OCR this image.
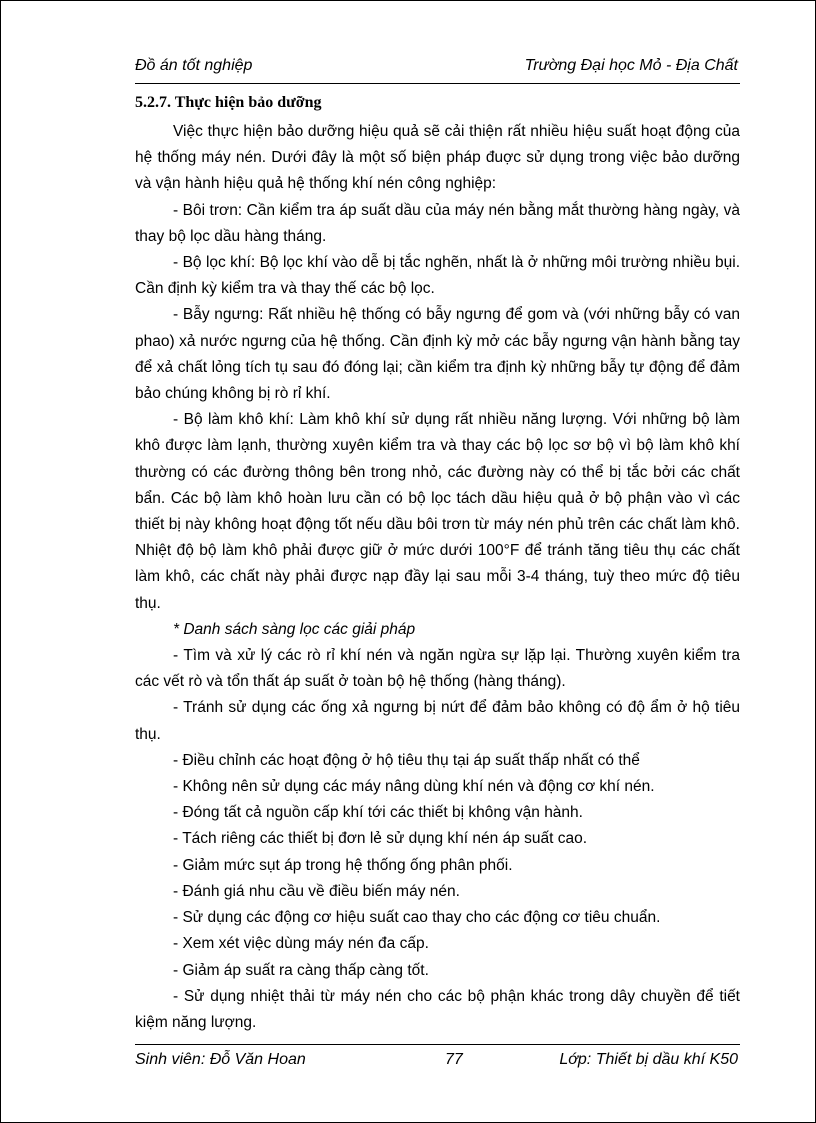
Đồ án tốt nghiệp	Trường Đại học Mỏ - Địa Chất
5.2.7. Thực hiện bảo dưỡng

Việc thực hiện bảo dưỡng hiệu quả sẽ cải thiện rất nhiều hiệu suất hoạt động của hệ thống máy nén. Dưới đây là một số biện pháp đuợc sử dụng trong việc bảo dưỡng và vận hành hiệu quả hệ thống khí nén công nghiệp:

- Bôi trơn: Cần kiểm tra áp suất dầu của máy nén bằng mắt thường hàng ngày, và thay bộ lọc dầu hàng tháng.

- Bộ lọc khí: Bộ lọc khí vào dễ bị tắc nghẽn, nhất là ở những môi trường nhiều bụi. Cần định kỳ kiểm tra và thay thế các bộ lọc.

- Bẫy ngưng: Rất nhiều hệ thống có bẫy ngưng để gom và (với những bẫy có van phao) xả nước ngưng của hệ thống. Cần định kỳ mở các bẫy ngưng vận hành bằng tay để xả chất lỏng tích tụ sau đó đóng lại; cần kiểm tra định kỳ những bẫy tự động để đảm bảo chúng không bị rò rỉ khí.

- Bộ làm khô khí: Làm khô khí sử dụng rất nhiều năng lượng. Với những bộ làm khô được làm lạnh, thường xuyên kiểm tra và thay các bộ lọc sơ bộ vì bộ làm khô khí thường có các đường thông bên trong nhỏ, các đường này có thể bị tắc bởi các chất bẩn. Các bộ làm khô hoàn lưu cần có bộ lọc tách dầu hiệu quả ở bộ phận vào vì các thiết bị này không hoạt động tốt nếu dầu bôi trơn từ máy nén phủ trên các chất làm khô. Nhiệt độ bộ làm khô phải được giữ ở mức dưới 100°F để tránh tăng tiêu thụ các chất làm khô, các chất này phải được nạp đầy lại sau mỗi 3-4 tháng, tuỳ theo mức độ tiêu thụ.

* Danh sách sàng lọc các giải pháp

- Tìm và xử lý các rò rỉ khí nén và ngăn ngừa sự lặp lại. Thường xuyên kiểm tra các vết rò và tổn thất áp suất ở toàn bộ hệ thống (hàng tháng).

- Tránh sử dụng các ống xả ngưng bị nứt để đảm bảo không có độ ẩm ở hộ tiêu thụ.

- Điều chỉnh các hoạt động ở hộ tiêu thụ tại áp suất thấp nhất có thể

- Không nên sử dụng các máy nâng dùng khí nén và động cơ khí nén.

- Đóng tất cả nguồn cấp khí tới các thiết bị không vận hành.

- Tách riêng các thiết bị đơn lẻ sử dụng khí nén áp suất cao.

- Giảm mức sụt áp trong hệ thống ống phân phối.

- Đánh giá nhu cầu về điều biến máy nén.

- Sử dụng các động cơ hiệu suất cao thay cho các động cơ tiêu chuẩn.

- Xem xét việc dùng máy nén đa cấp.

- Giảm áp suất ra càng thấp càng tốt.

- Sử dụng nhiệt thải từ máy nén cho các bộ phận khác trong dây chuyền để tiết kiệm năng lượng.

Sinh viên: Đỗ Văn Hoan	77	Lớp: Thiết bị dầu khí K50
